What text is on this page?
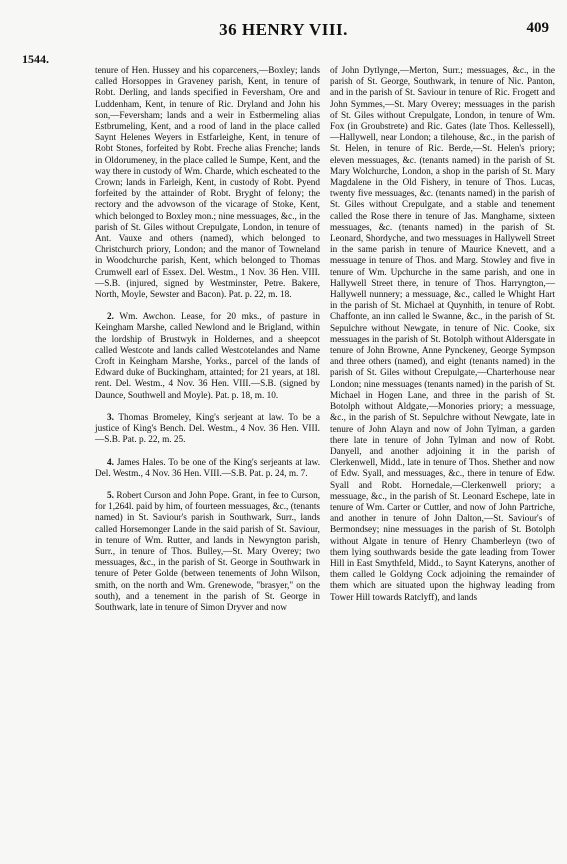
36 HENRY VIII.	409
1544.

tenure of Hen. Hussey and his coparceners,—Boxley; lands called Horsoppes in Graveney parish, Kent, in tenure of Robt. Derling, and lands specified in Feversham, Ore and Luddenham, Kent, in tenure of Ric. Dryland and John his son,—Feversham; lands and a weir in Estbermeling alias Estbrumeling, Kent, and a rood of land in the place called Saynt Helenes Weyers in Estfarleighe, Kent, in tenure of Robt Stones, forfeited by Robt. Freche alias Frenche; lands in Oldorumeney, in the place called le Sumpe, Kent, and the way there in custody of Wm. Charde, which escheated to the Crown; lands in Farleigh, Kent, in custody of Robt. Pyend forfeited by the attainder of Robt. Bryght of felony; the rectory and the advowson of the vicarage of Stoke, Kent, which belonged to Boxley mon.; nine messuages, &c., in the parish of St. Giles without Crepulgate, London, in tenure of Ant. Vauxe and others (named), which belonged to Christchurch priory, London; and the manor of Towneland in Woodchurche parish, Kent, which belonged to Thomas Crumwell earl of Essex. Del. Westm., 1 Nov. 36 Hen. VIII.—S.B. (injured, signed by Westminster, Petre. Bakere, North, Moyle, Sewster and Bacon). Pat. p. 22, m. 18.

2. Wm. Awchon. Lease, for 20 mks., of pasture in Keingham Marshe, called Newlond and le Brigland, within the lordship of Brustwyk in Holdernes, and a sheepcot called Westcote and lands called Westcotelandes and Name Croft in Keingham Marshe, Yorks., parcel of the lands of Edward duke of Buckingham, attainted; for 21 years, at 18l. rent. Del. Westm., 4 Nov. 36 Hen. VIII.—S.B. (signed by Daunce, Southwell and Moyle). Pat. p. 18, m. 10.

3. Thomas Bromeley, King's serjeant at law. To be a justice of King's Bench. Del. Westm., 4 Nov. 36 Hen. VIII.—S.B. Pat. p. 22, m. 25.

4. James Hales. To be one of the King's serjeants at law. Del. Westm., 4 Nov. 36 Hen. VIII.—S.B. Pat. p. 24, m. 7.

5. Robert Curson and John Pope. Grant, in fee to Curson, for 1,264l. paid by him, of fourteen messuages, &c., (tenants named) in St. Saviour's parish in Southwark, Surr., lands called Horsemonger Lande in the said parish of St. Saviour, in tenure of Wm. Rutter, and lands in Newyngton parish, Surr., in tenure of Thos. Bulley,—St. Mary Overey; two messuages, &c., in the parish of St. George in Southwark in tenure of Peter Golde (between tenements of John Wilson, smith, on the north and Wm. Grenewode, "brasyer," on the south), and a tenement in the parish of St. George in Southwark, late in tenure of Simon Dryver and now

of John Dytlynge,—Merton, Surr.; messuages, &c., in the parish of St. George, Southwark, in tenure of Nic. Panton, and in the parish of St. Saviour in tenure of Ric. Frogett and John Symmes,—St. Mary Overey; messuages in the parish of St. Giles without Crepulgate, London, in tenure of Wm. Fox (in Groubstrete) and Ric. Gates (late Thos. Kellessell),—Hallywell, near London; a tilehouse, &c., in the parish of St. Helen, in tenure of Ric. Berde,—St. Helen's priory; eleven messuages, &c. (tenants named) in the parish of St. Mary Wolchurche, London, a shop in the parish of St. Mary Magdalene in the Old Fishery, in tenure of Thos. Lucas, twenty five messuages, &c. (tenants named) in the parish of St. Giles without Crepulgate, and a stable and tenement called the Rose there in tenure of Jas. Manghame, sixteen messuages, &c. (tenants named) in the parish of St. Leonard, Shordyche, and two messuages in Hallywell Street in the same parish in tenure of Maurice Knevett, and a messuage in tenure of Thos. and Marg. Stowley and five in tenure of Wm. Upchurche in the same parish, and one in Hallywell Street there, in tenure of Thos. Harryngton,—Hallywell nunnery; a messuage, &c., called le Whight Hart in the parish of St. Michael at Quynhith, in tenure of Robt. Chaffonte, an inn called le Swanne, &c., in the parish of St. Sepulchre without Newgate, in tenure of Nic. Cooke, six messuages in the parish of St. Botolph without Aldersgate in tenure of John Browne, Anne Pynckeney, George Sympson and three others (named), and eight (tenants named) in the parish of St. Giles without Crepulgate,—Charterhouse near London; nine messuages (tenants named) in the parish of St. Michael in Hogen Lane, and three in the parish of St. Botolph without Aldgate,—Monories priory; a messuage, &c., in the parish of St. Sepulchre without Newgate, late in tenure of John Alayn and now of John Tylman, a garden there late in tenure of John Tylman and now of Robt. Danyell, and another adjoining it in the parish of Clerkenwell, Midd., late in tenure of Thos. Shether and now of Edw. Syall, and messuages, &c., there in tenure of Edw. Syall and Robt. Hornedale,—Clerkenwell priory; a messuage, &c., in the parish of St. Leonard Eschepe, late in tenure of Wm. Carter or Cuttler, and now of John Partriche, and another in tenure of John Dalton,—St. Saviour's of Bermondsey; nine messuages in the parish of St. Botolph without Algate in tenure of Henry Chamberleyn (two of them lying southwards beside the gate leading from Tower Hill in East Smythfeld, Midd., to Saynt Kateryns, another of them called le Goldyng Cock adjoining the remainder of them which are situated upon the highway leading from Tower Hill towards Ratclyff), and lands
